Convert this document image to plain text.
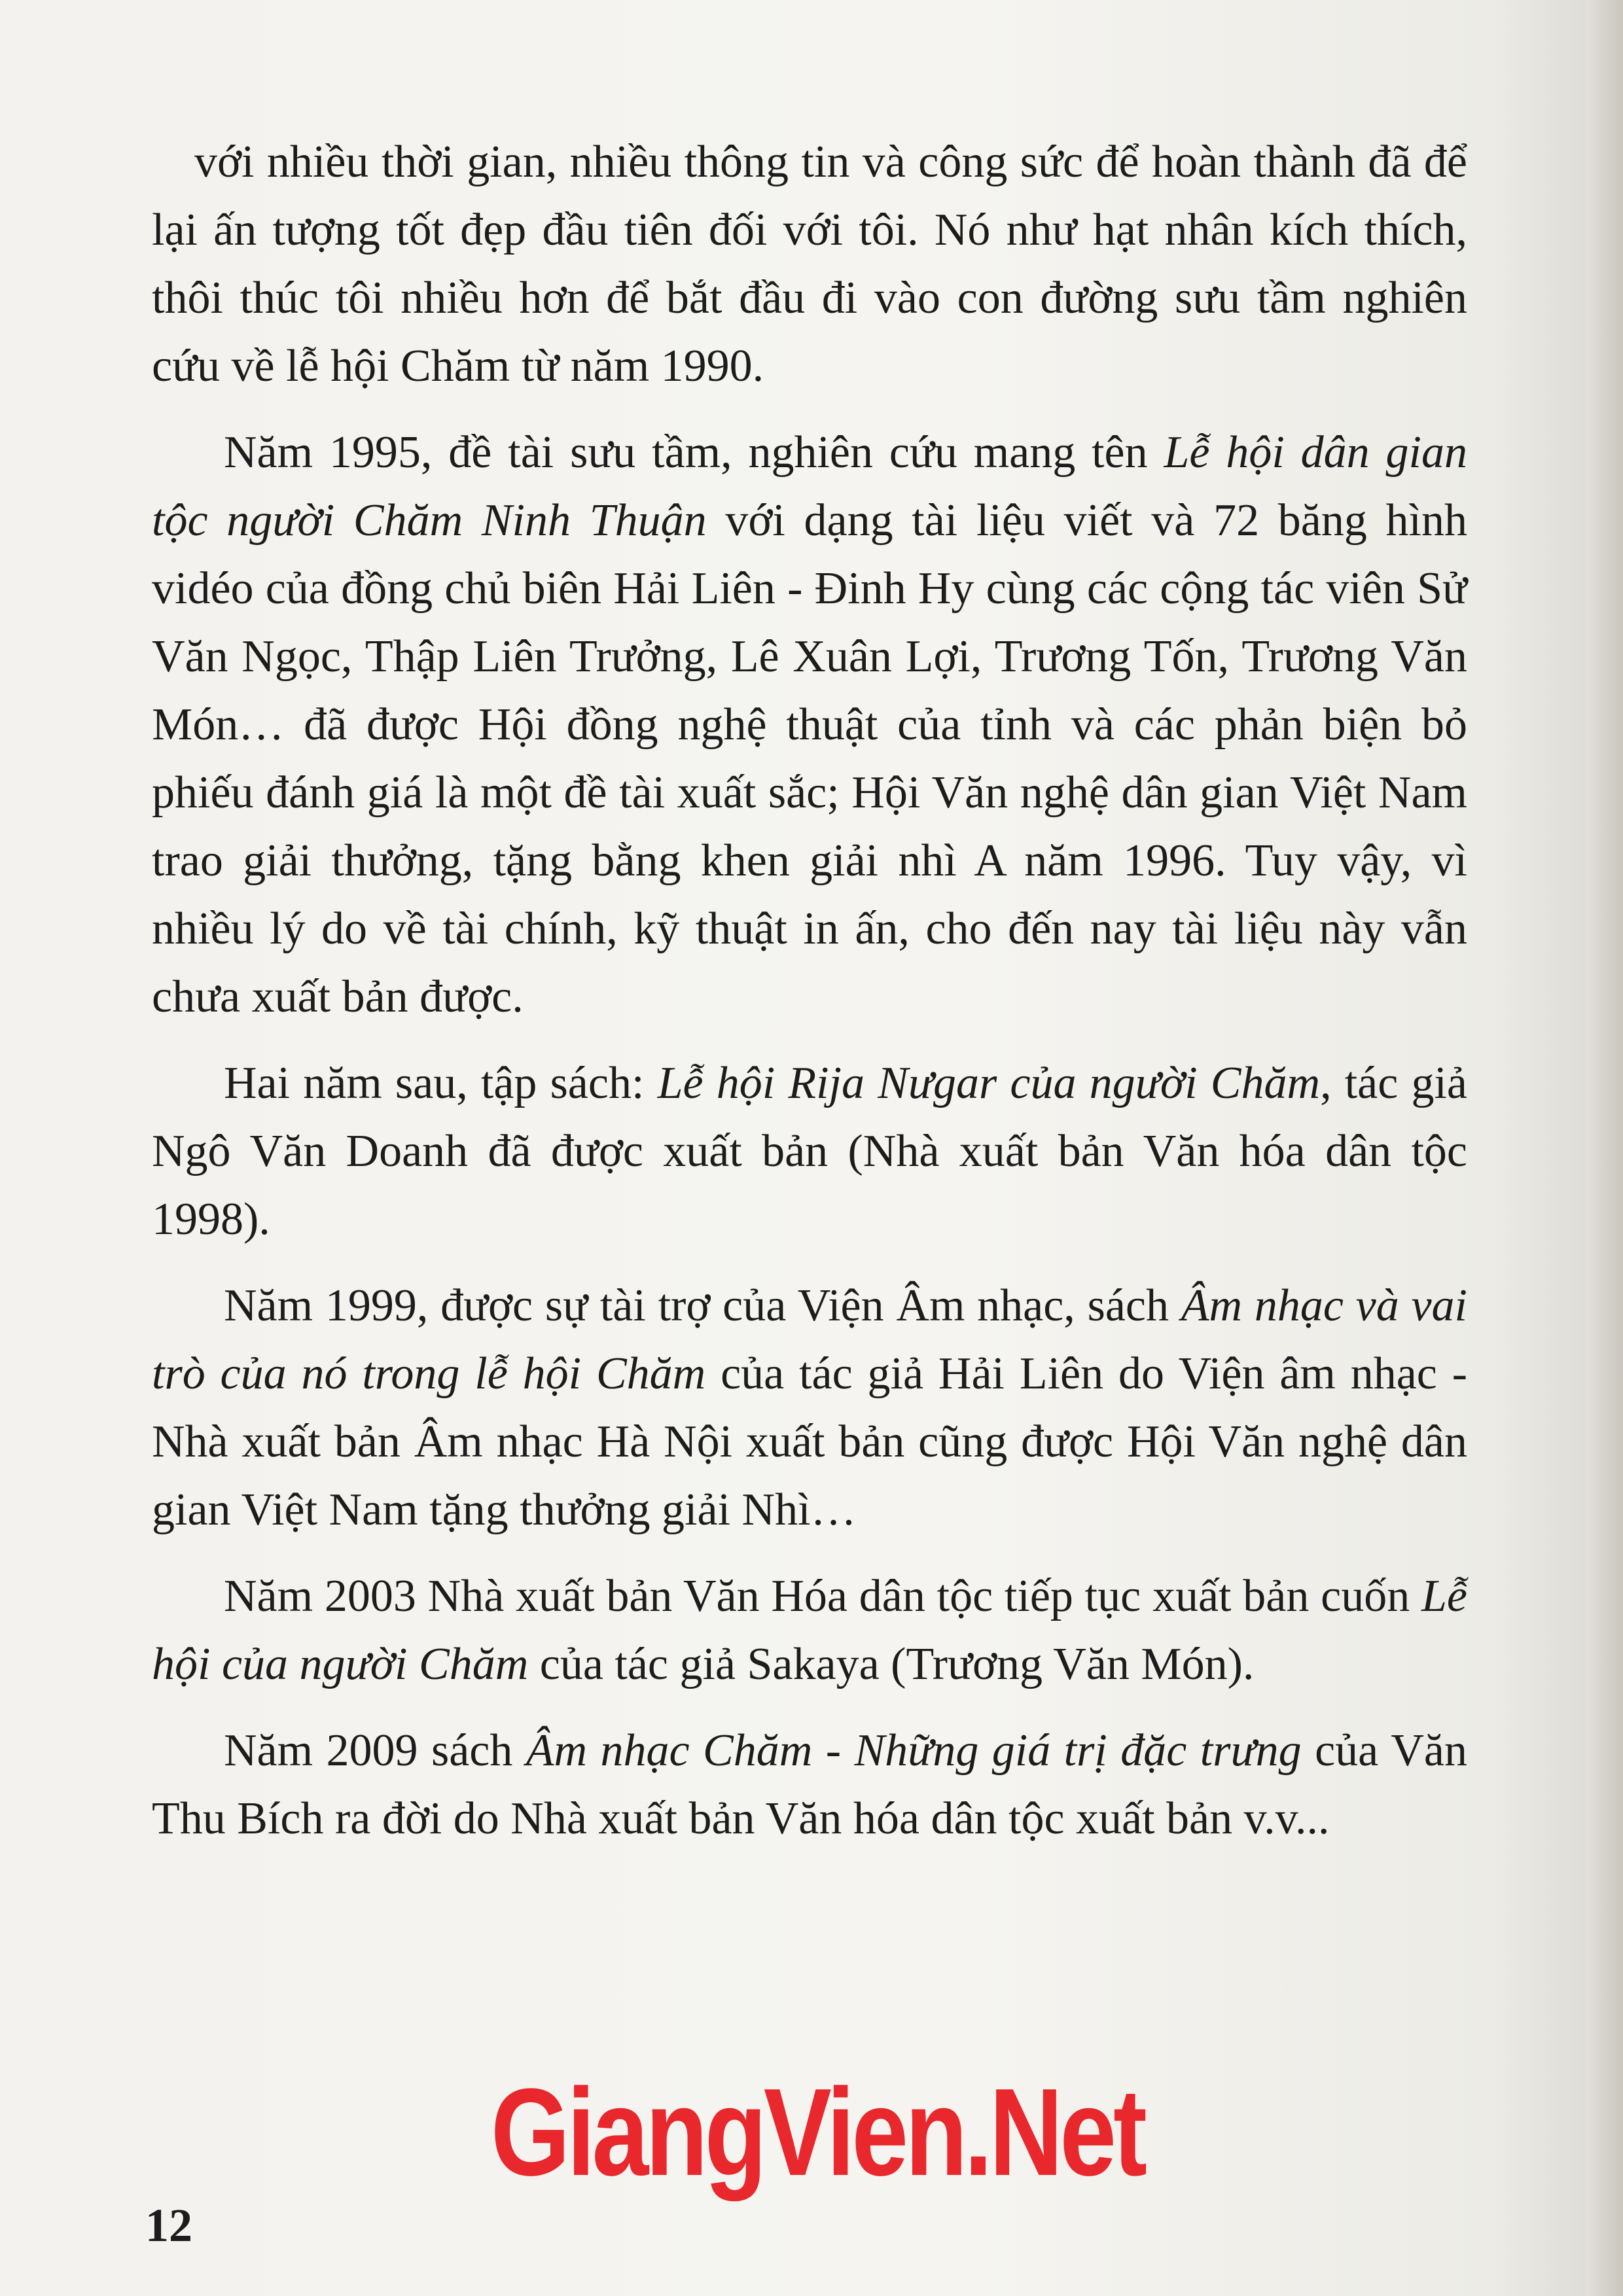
với nhiều thời gian, nhiều thông tin và công sức để hoàn thành đã để lại ấn tượng tốt đẹp đầu tiên đối với tôi. Nó như hạt nhân kích thích, thôi thúc tôi nhiều hơn để bắt đầu đi vào con đường sưu tầm nghiên cứu về lễ hội Chăm từ năm 1990.

Năm 1995, đề tài sưu tầm, nghiên cứu mang tên Lễ hội dân gian tộc người Chăm Ninh Thuận với dạng tài liệu viết và 72 băng hình vidéo của đồng chủ biên Hải Liên - Đinh Hy cùng các cộng tác viên Sử Văn Ngọc, Thập Liên Trưởng, Lê Xuân Lợi, Trương Tốn, Trương Văn Món… đã được Hội đồng nghệ thuật của tỉnh và các phản biện bỏ phiếu đánh giá là một đề tài xuất sắc; Hội Văn nghệ dân gian Việt Nam trao giải thưởng, tặng bằng khen giải nhì A năm 1996. Tuy vậy, vì nhiều lý do về tài chính, kỹ thuật in ấn, cho đến nay tài liệu này vẫn chưa xuất bản được.

Hai năm sau, tập sách: Lễ hội Rija Nưgar của người Chăm, tác giả Ngô Văn Doanh đã được xuất bản (Nhà xuất bản Văn hóa dân tộc 1998).

Năm 1999, được sự tài trợ của Viện Âm nhạc, sách Âm nhạc và vai trò của nó trong lễ hội Chăm của tác giả Hải Liên do Viện âm nhạc - Nhà xuất bản Âm nhạc Hà Nội xuất bản cũng được Hội Văn nghệ dân gian Việt Nam tặng thưởng giải Nhì…

Năm 2003 Nhà xuất bản Văn Hóa dân tộc tiếp tục xuất bản cuốn Lễ hội của người Chăm của tác giả Sakaya (Trương Văn Món).

Năm 2009 sách Âm nhạc Chăm - Những giá trị đặc trưng của Văn Thu Bích ra đời do Nhà xuất bản Văn hóa dân tộc xuất bản v.v...

GiangVien.Net
12
